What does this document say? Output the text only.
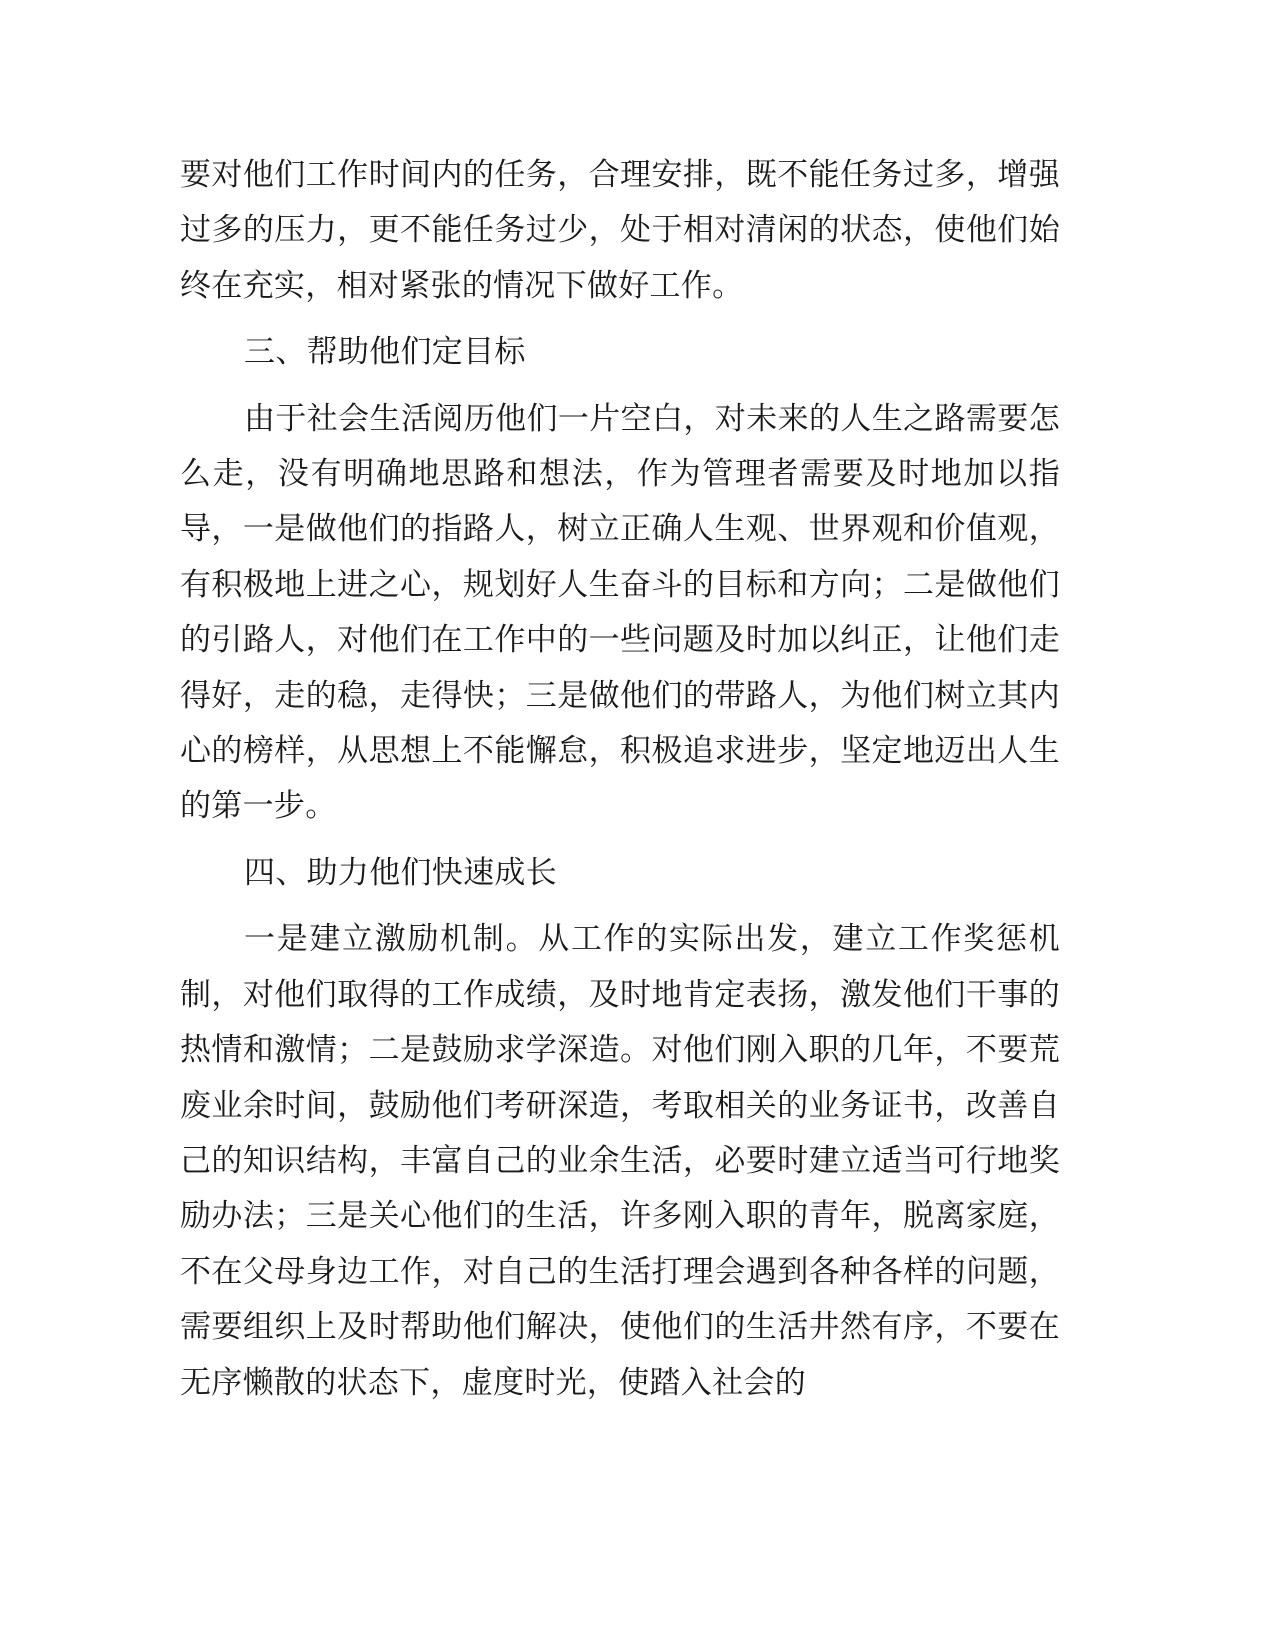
要对他们工作时间内的任务，合理安排，既不能任务过多，增强过多的压力，更不能任务过少，处于相对清闲的状态，使他们始终在充实，相对紧张的情况下做好工作。

三、帮助他们定目标

由于社会生活阅历他们一片空白，对未来的人生之路需要怎么走，没有明确地思路和想法，作为管理者需要及时地加以指导，一是做他们的指路人，树立正确人生观、世界观和价值观，有积极地上进之心，规划好人生奋斗的目标和方向；二是做他们的引路人，对他们在工作中的一些问题及时加以纠正，让他们走得好，走的稳，走得快；三是做他们的带路人，为他们树立其内心的榜样，从思想上不能懈怠，积极追求进步，坚定地迈出人生的第一步。

四、助力他们快速成长

一是建立激励机制。从工作的实际出发，建立工作奖惩机制，对他们取得的工作成绩，及时地肯定表扬，激发他们干事的热情和激情；二是鼓励求学深造。对他们刚入职的几年，不要荒废业余时间，鼓励他们考研深造，考取相关的业务证书，改善自己的知识结构，丰富自己的业余生活，必要时建立适当可行地奖励办法；三是关心他们的生活，许多刚入职的青年，脱离家庭，不在父母身边工作，对自己的生活打理会遇到各种各样的问题，需要组织上及时帮助他们解决，使他们的生活井然有序，不要在无序懒散的状态下，虚度时光，使踏入社会的
